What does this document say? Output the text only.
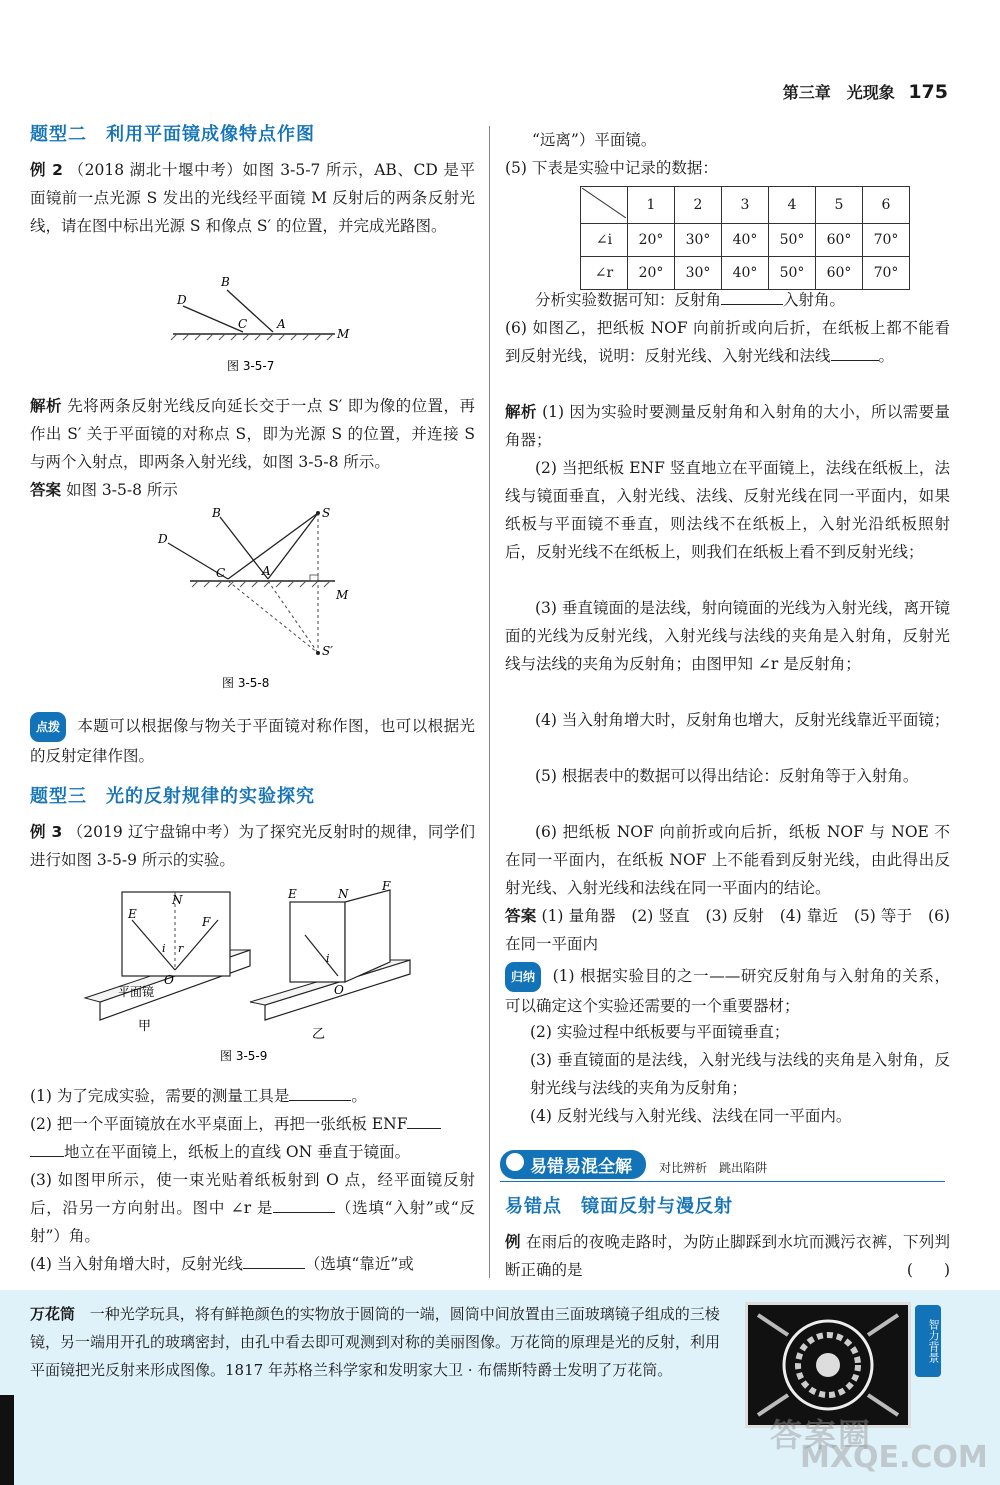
第三章　光现象 175
题型二　利用平面镜成像特点作图
例 2 （2018 湖北十堰中考）如图 3-5-7 所示，AB、CD 是平面镜前一点光源 S 发出的光线经平面镜 M 反射后的两条反射光线，请在图中标出光源 S 和像点 S′ 的位置，并完成光路图。
D
B
C A
M
图 3-5-7
解析 先将两条反射光线反向延长交于一点 S′ 即为像的位置，再作出 S′ 关于平面镜的对称点 S，即为光源 S 的位置，并连接 S 与两个入射点，即两条入射光线，如图 3-5-8 所示。
答案 如图 3-5-8 所示
B	S
D
C	A
M
S′
图 3-5-8
点拨 本题可以根据像与物关于平面镜对称作图，也可以根据光的反射定律作图。
题型三　光的反射规律的实验探究
例 3 （2019 辽宁盘锦中考）为了探究光反射时的规律，同学们进行如图 3-5-9 所示的实验。
E
N
F
i r
O
平面镜
甲
E	N
F
i
O
乙
图 3-5-9
(1) 为了完成实验，需要的测量工具是	。
(2) 把一个平面镜放在水平桌面上，再把一张纸板 ENF
地立在平面镜上，纸板上的直线 ON 垂直于镜面。
(3) 如图甲所示，使一束光贴着纸板射到 O 点，经平面镜反射后，沿另一方向射出。图中 ∠r 是	（选填“入射”或“反射”）角。
(4) 当入射角增大时，反射光线	（选填“靠近”或
“远离”）平面镜。
(5) 下表是实验中记录的数据：
	1	2	3	4	5	6
∠i	20°	30°	40°	50°	60°	70°
∠r	20°	30°	40°	50°	60°	70°
分析实验数据可知：反射角	入射角。
(6) 如图乙，把纸板 NOF 向前折或向后折，在纸板上都不能看到反射光线，说明：反射光线、入射光线和法线	。
解析 (1) 因为实验时要测量反射角和入射角的大小，所以需要量角器；
(2) 当把纸板 ENF 竖直地立在平面镜上，法线在纸板上，法线与镜面垂直，入射光线、法线、反射光线在同一平面内，如果纸板与平面镜不垂直，则法线不在纸板上，入射光沿纸板照射后，反射光线不在纸板上，则我们在纸板上看不到反射光线；
(3) 垂直镜面的是法线，射向镜面的光线为入射光线，离开镜面的光线为反射光线，入射光线与法线的夹角是入射角，反射光线与法线的夹角为反射角；由图甲知 ∠r 是反射角；
(4) 当入射角增大时，反射角也增大，反射光线靠近平面镜；
(5) 根据表中的数据可以得出结论：反射角等于入射角。
(6) 把纸板 NOF 向前折或向后折，纸板 NOF 与 NOE 不在同一平面内，在纸板 NOF 上不能看到反射光线，由此得出反射光线、入射光线和法线在同一平面内的结论。
答案 (1) 量角器　(2) 竖直　(3) 反射　(4) 靠近　(5) 等于　(6) 在同一平面内
归纳 (1) 根据实验目的之一——研究反射角与入射角的关系，可以确定这个实验还需要的一个重要器材；
(2) 实验过程中纸板要与平面镜垂直；
(3) 垂直镜面的是法线，入射光线与法线的夹角是入射角，反射光线与法线的夹角为反射角；
(4) 反射光线与入射光线、法线在同一平面内。
易错易混全解 对比辨析　跳出陷阱
易错点　镜面反射与漫反射
例 在雨后的夜晚走路时，为防止脚踩到水坑而溅污衣裤，下列判断正确的是	(　　)
万花筒 一种光学玩具，将有鲜艳颜色的实物放于圆筒的一端，圆筒中间放置由三面玻璃镜子组成的三棱镜，另一端用开孔的玻璃密封，由孔中看去即可观测到对称的美丽图像。万花筒的原理是光的反射，利用平面镜把光反射来形成图像。1817 年苏格兰科学家和发明家大卫 · 布儒斯特爵士发明了万花筒。
智力背景
答案圈
MXQE.COM
